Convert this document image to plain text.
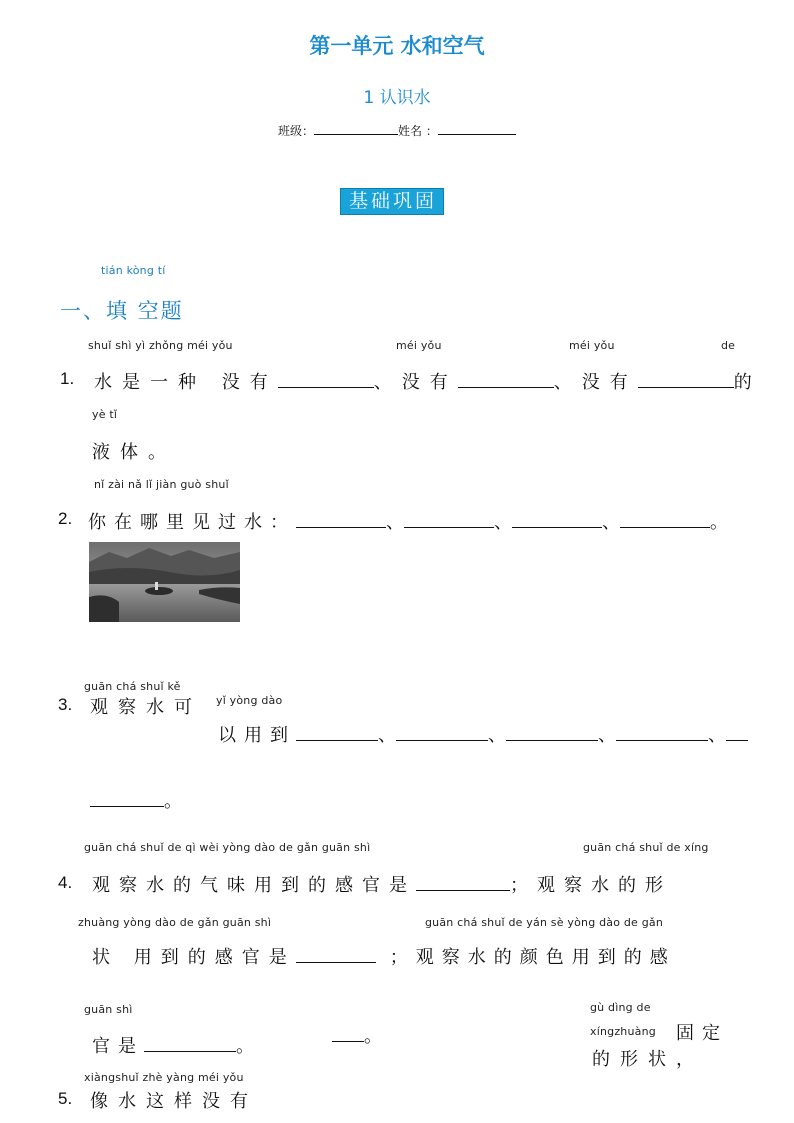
第一单元 水和空气
1 认识水
班级：	姓名 ：
基础巩固
tián kòng tí
一、填 空题
shuǐ shì yì zhǒng méi yǒu	méi yǒu	méi yǒu	de
1. 水是一种 没有	、没有	、没有	的
yè tǐ
液体。
nǐ zài nǎ lǐ jiàn guò shuǐ
2. 你在哪里见过水：	、	、	、	。
guān chá shuǐ kě
yǐ yòng dào
3. 观察水可
以用到	、	、	、	、
。
guān chá shuǐ de qì wèi yòng dào de gǎn guān shì	guān chá shuǐ de xíng
4. 观察水的气味用到的感官是	；观察水的形
zhuàng yòng dào de gǎn guān shì	guān chá shuǐ de yán sè yòng dào de gǎn
状 用到的感官是	；观察水的颜色用到的感
guān shì
官是	。	。
gù dìng de
xíngzhuàng 固定
的形状，
xiàngshuǐ zhè yàng méi yǒu
5. 像水这样没有
